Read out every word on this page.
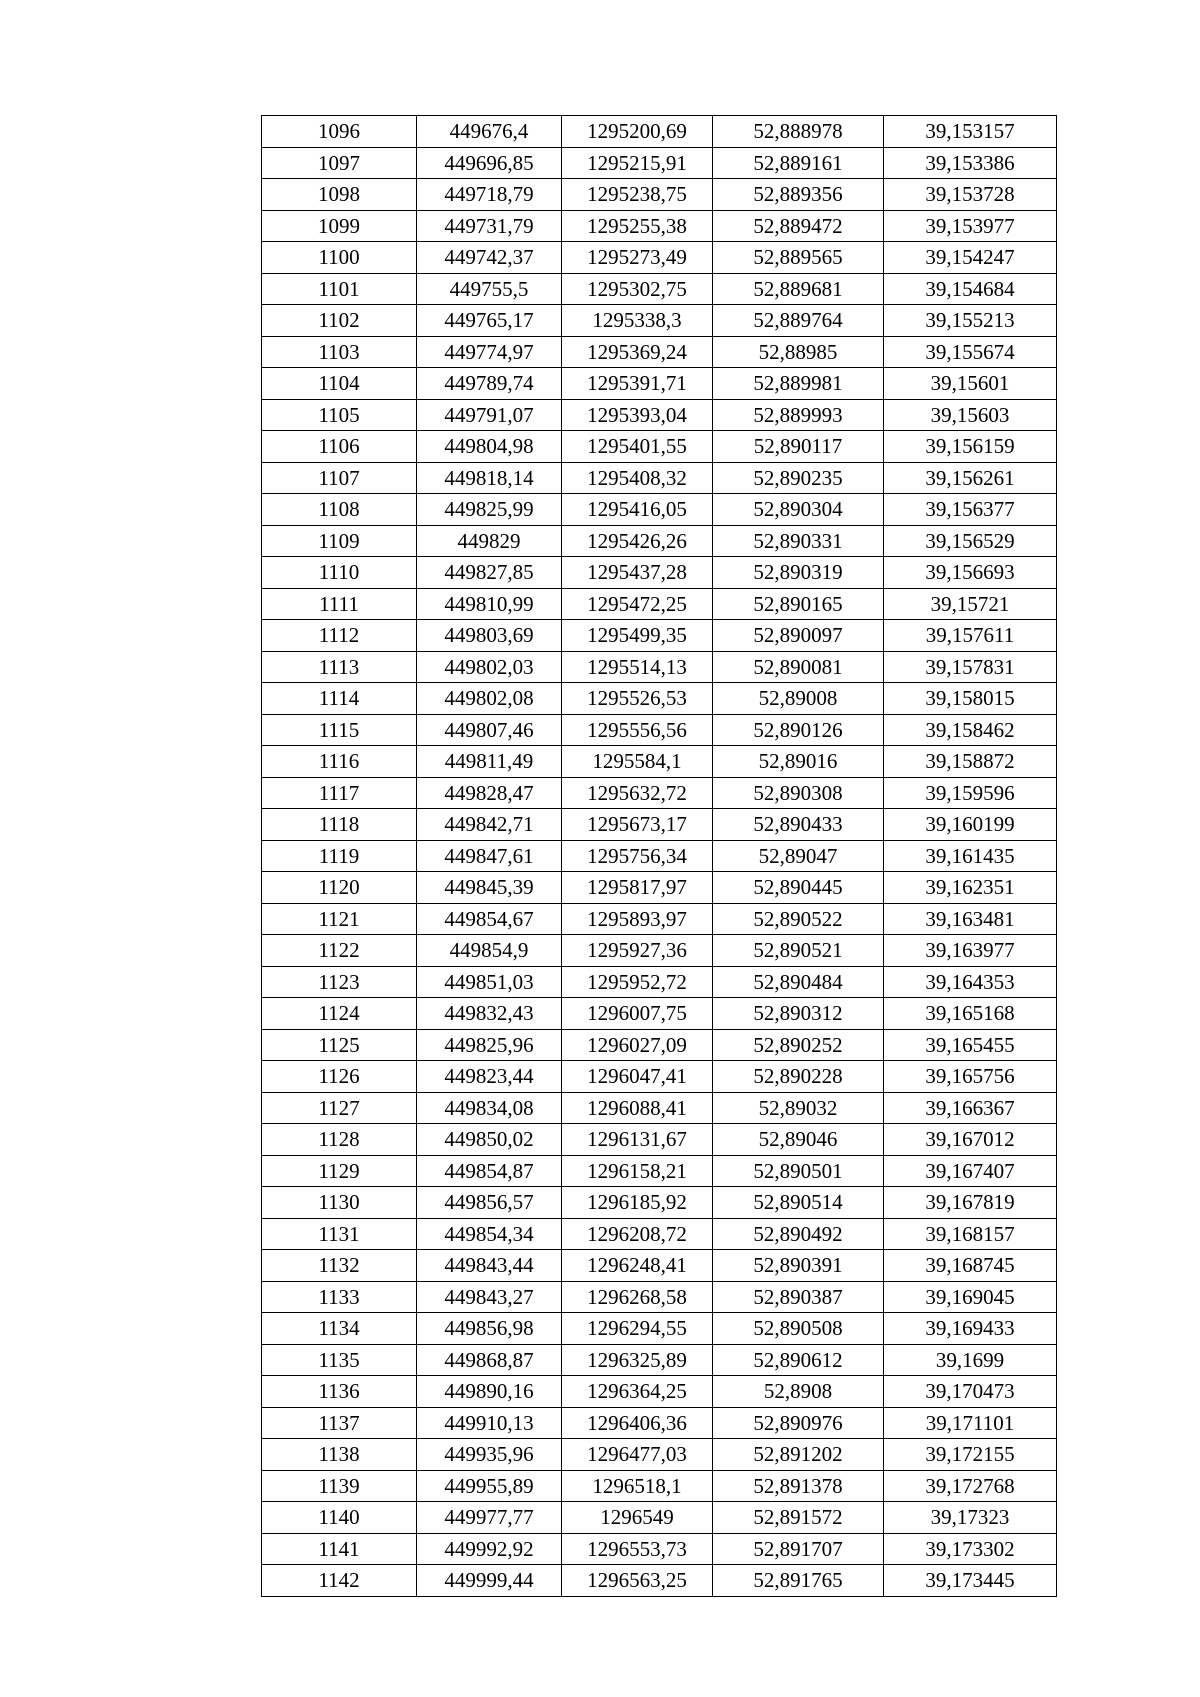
1096	449676,4	1295200,69	52,888978	39,153157
1097	449696,85	1295215,91	52,889161	39,153386
1098	449718,79	1295238,75	52,889356	39,153728
1099	449731,79	1295255,38	52,889472	39,153977
1100	449742,37	1295273,49	52,889565	39,154247
1101	449755,5	1295302,75	52,889681	39,154684
1102	449765,17	1295338,3	52,889764	39,155213
1103	449774,97	1295369,24	52,88985	39,155674
1104	449789,74	1295391,71	52,889981	39,15601
1105	449791,07	1295393,04	52,889993	39,15603
1106	449804,98	1295401,55	52,890117	39,156159
1107	449818,14	1295408,32	52,890235	39,156261
1108	449825,99	1295416,05	52,890304	39,156377
1109	449829	1295426,26	52,890331	39,156529
1110	449827,85	1295437,28	52,890319	39,156693
1111	449810,99	1295472,25	52,890165	39,15721
1112	449803,69	1295499,35	52,890097	39,157611
1113	449802,03	1295514,13	52,890081	39,157831
1114	449802,08	1295526,53	52,89008	39,158015
1115	449807,46	1295556,56	52,890126	39,158462
1116	449811,49	1295584,1	52,89016	39,158872
1117	449828,47	1295632,72	52,890308	39,159596
1118	449842,71	1295673,17	52,890433	39,160199
1119	449847,61	1295756,34	52,89047	39,161435
1120	449845,39	1295817,97	52,890445	39,162351
1121	449854,67	1295893,97	52,890522	39,163481
1122	449854,9	1295927,36	52,890521	39,163977
1123	449851,03	1295952,72	52,890484	39,164353
1124	449832,43	1296007,75	52,890312	39,165168
1125	449825,96	1296027,09	52,890252	39,165455
1126	449823,44	1296047,41	52,890228	39,165756
1127	449834,08	1296088,41	52,89032	39,166367
1128	449850,02	1296131,67	52,89046	39,167012
1129	449854,87	1296158,21	52,890501	39,167407
1130	449856,57	1296185,92	52,890514	39,167819
1131	449854,34	1296208,72	52,890492	39,168157
1132	449843,44	1296248,41	52,890391	39,168745
1133	449843,27	1296268,58	52,890387	39,169045
1134	449856,98	1296294,55	52,890508	39,169433
1135	449868,87	1296325,89	52,890612	39,1699
1136	449890,16	1296364,25	52,8908	39,170473
1137	449910,13	1296406,36	52,890976	39,171101
1138	449935,96	1296477,03	52,891202	39,172155
1139	449955,89	1296518,1	52,891378	39,172768
1140	449977,77	1296549	52,891572	39,17323
1141	449992,92	1296553,73	52,891707	39,173302
1142	449999,44	1296563,25	52,891765	39,173445
